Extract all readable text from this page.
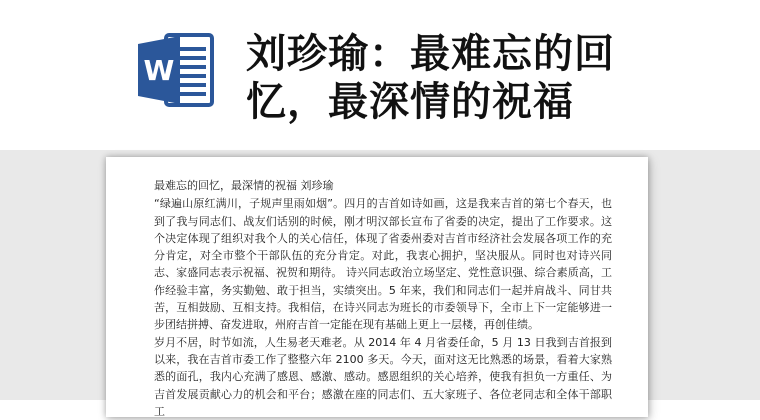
W 刘珍瑜：最难忘的回
忆，最深情的祝福

最难忘的回忆，最深情的祝福 刘珍瑜

“绿遍山原红满川，子规声里雨如烟”。四月的吉首如诗如画，这是我来吉首的第七个春天，也到了我与同志们、战友们话别的时候，刚才明汉部长宣布了省委的决定，提出了工作要求。这个决定体现了组织对我个人的关心信任，体现了省委州委对吉首市经济社会发展各项工作的充分肯定，对全市整个干部队伍的充分肯定。对此，我衷心拥护，坚决服从。同时也对诗兴同志、家盛同志表示祝福、祝贺和期待。 诗兴同志政治立场坚定、党性意识强、综合素质高，工作经验丰富，务实勤勉、敢于担当，实绩突出。5 年来，我们和同志们一起并肩战斗、同甘共苦，互相鼓励、互相支持。我相信，在诗兴同志为班长的市委领导下，全市上下一定能够进一步团结拼搏、奋发进取，州府吉首一定能在现有基础上更上一层楼，再创佳绩。

岁月不居，时节如流，人生易老天难老。从 2014 年 4 月省委任命，5 月 13 日我到吉首报到以来，我在吉首市委工作了整整六年 2100 多天。今天，面对这无比熟悉的场景，看着大家熟悉的面孔，我内心充满了感恩、感激、感动。感恩组织的关心培养，使我有担负一方重任、为吉首发展贡献心力的机会和平台；感激在座的同志们、五大家班子、各位老同志和全体干部职工
